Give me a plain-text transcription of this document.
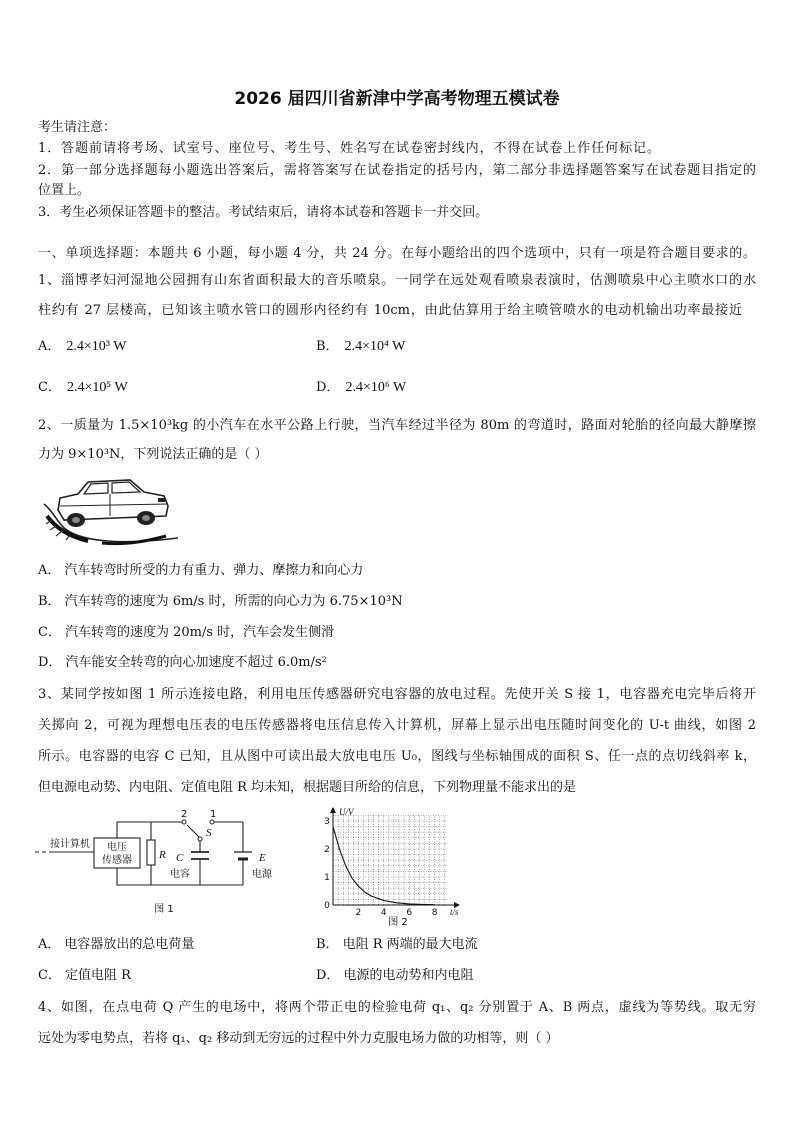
2026 届四川省新津中学高考物理五模试卷
考生请注意：
1．答题前请将考场、试室号、座位号、考生号、姓名写在试卷密封线内，不得在试卷上作任何标记。
2．第一部分选择题每小题选出答案后，需将答案写在试卷指定的括号内，第二部分非选择题答案写在试卷题目指定的
位置上。
3．考生必须保证答题卡的整洁。考试结束后，请将本试卷和答题卡一并交回。
一、单项选择题：本题共 6 小题，每小题 4 分，共 24 分。在每小题给出的四个选项中，只有一项是符合题目要求的。
1、淄博孝妇河湿地公园拥有山东省面积最大的音乐喷泉。一同学在远处观看喷泉表演时，估测喷泉中心主喷水口的水
柱约有 27 层楼高，已知该主喷水管口的圆形内径约有 10cm，由此估算用于给主喷管喷水的电动机输出功率最接近
A． 2.4×10³ W	B． 2.4×10⁴ W
C． 2.4×10⁵ W	D． 2.4×10⁶ W
2、一质量为 1.5×10³kg 的小汽车在水平公路上行驶，当汽车经过半径为 80m 的弯道时，路面对轮胎的径向最大静摩擦
力为 9×10³N，下列说法正确的是（ ）
A． 汽车转弯时所受的力有重力、弹力、摩擦力和向心力
B． 汽车转弯的速度为 6m/s 时，所需的向心力为 6.75×10³N
C． 汽车转弯的速度为 20m/s 时，汽车会发生侧滑
D． 汽车能安全转弯的向心加速度不超过 6.0m/s²
3、某同学按如图 1 所示连接电路，利用电压传感器研究电容器的放电过程。先使开关 S 接 1，电容器充电完毕后将开
关掷向 2，可视为理想电压表的电压传感器将电压信息传入计算机，屏幕上显示出电压随时间变化的 U-t 曲线，如图 2
所示。电容器的电容 C 已知，且从图中可读出最大放电电压 U₀，图线与坐标轴围成的面积 S、任一点的点切线斜率 k，
但电源电动势、内电阻、定值电阻 R 均未知，根据题目所给的信息，下列物理量不能求出的是
接计算机 电压
传感器 R
2 1
S
C
电容
E
电源
图 1
U/V
t/s
0
1
2
3
2 4 6 8
图 2
A． 电容器放出的总电荷量	B． 电阻 R 两端的最大电流
C． 定值电阻 R	D． 电源的电动势和内电阻
4、如图，在点电荷 Q 产生的电场中，将两个带正电的检验电荷 q₁、q₂ 分别置于 A、B 两点，虚线为等势线。取无穷
远处为零电势点，若将 q₁、q₂ 移动到无穷远的过程中外力克服电场力做的功相等，则（ ）
